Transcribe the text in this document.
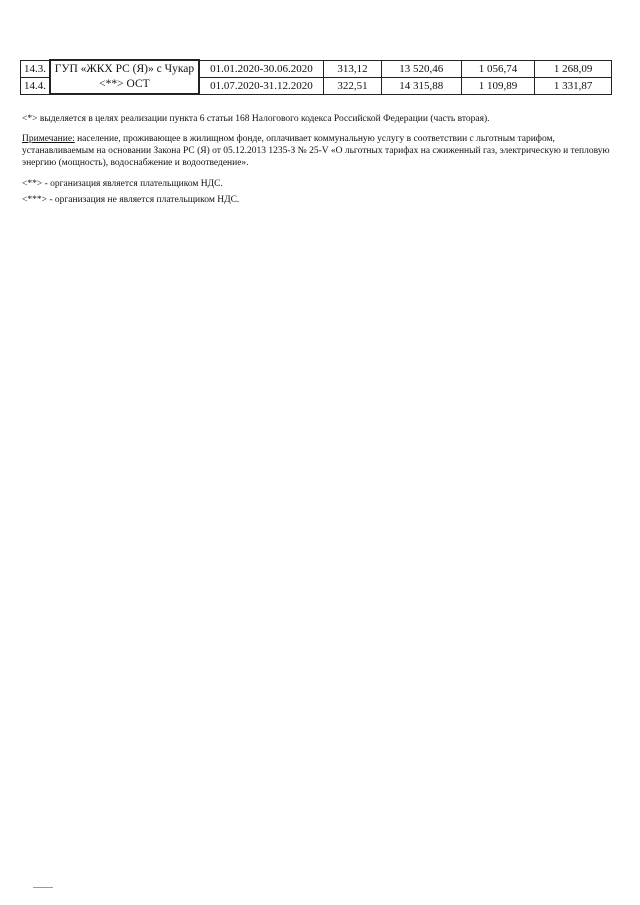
14.3.	ГУП «ЖКХ РС (Я)» с Чукар <**> ОСТ	01.01.2020-30.06.2020	313,12	13 520,46	1 056,74	1 268,09
14.4.		01.07.2020-31.12.2020	322,51	14 315,88	1 109,89	1 331,87

<*> выделяется в целях реализации пункта 6 статьи 168 Налогового кодекса Российской Федерации (часть вторая).

Примечание: население, проживающее в жилищном фонде, оплачивает коммунальную услугу в соответствии с льготным тарифом, устанавливаемым на основании Закона РС (Я) от 05.12.2013 1235-З № 25-V «О льготных тарифах на сжиженный газ, электрическую и тепловую энергию (мощность), водоснабжение и водоотведение».

<**> - организация является плательщиком НДС.

<***> - организация не является плательщиком НДС.
